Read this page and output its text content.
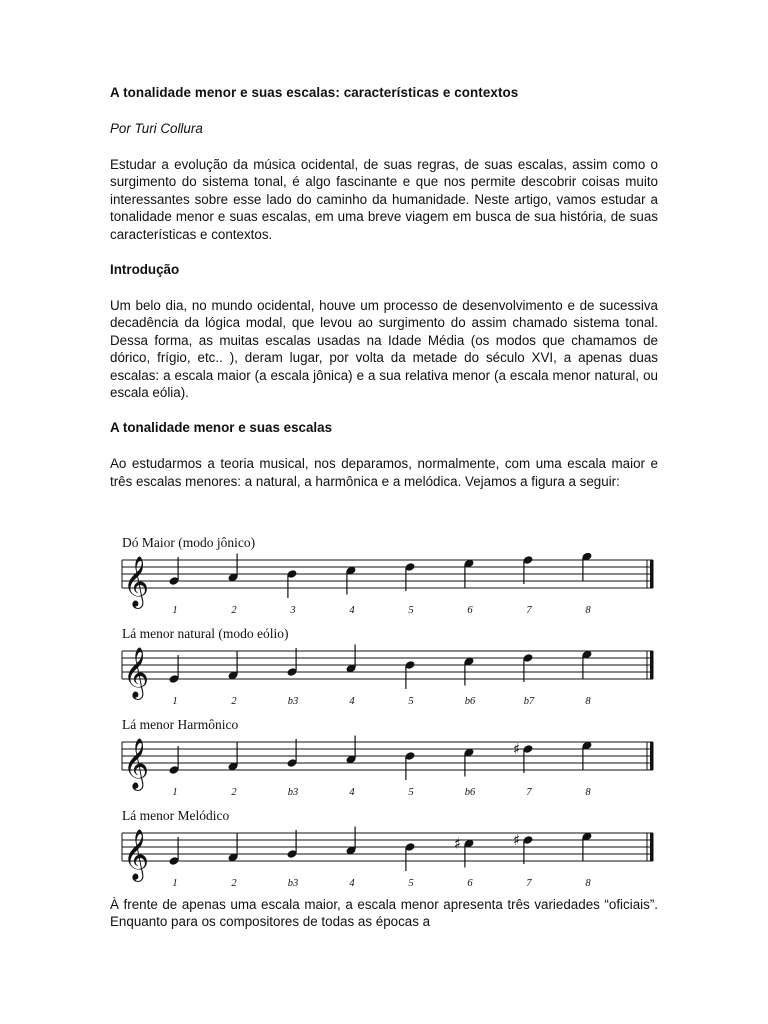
A tonalidade menor e suas escalas: características e contextos

Por Turi Collura

Estudar a evolução da música ocidental, de suas regras, de suas escalas, assim como o surgimento do sistema tonal, é algo fascinante e que nos permite descobrir coisas muito interessantes sobre esse lado do caminho da humanidade. Neste artigo, vamos estudar a tonalidade menor e suas escalas, em uma breve viagem em busca de sua história, de suas características e contextos.

Introdução

Um belo dia, no mundo ocidental, houve um processo de desenvolvimento e de sucessiva decadência da lógica modal, que levou ao surgimento do assim chamado sistema tonal. Dessa forma, as muitas escalas usadas na Idade Média (os modos que chamamos de dórico, frígio, etc.. ), deram lugar, por volta da metade do século XVI, a apenas duas escalas: a escala maior (a escala jônica) e a sua relativa menor (a escala menor natural, ou escala eólia).

A tonalidade menor e suas escalas

Ao estudarmos a teoria musical, nos deparamos, normalmente, com uma escala maior e três escalas menores: a natural, a harmônica e a melódica. Vejamos a figura a seguir:

Dó Maior (modo jônico)
𝄞
1	2	3	4	5	6	7	8
Lá menor natural (modo eólio)
𝄞
1	2	b3	4	5	b6	b7	8
Lá menor Harmônico
𝄞
1	2	b3	4	5	b6
♯
7	8
Lá menor Melódico
𝄞
1	2	b3	4	5
♯
6
♯
7	8

À frente de apenas uma escala maior, a escala menor apresenta três variedades “oficiais”. Enquanto para os compositores de todas as épocas a
